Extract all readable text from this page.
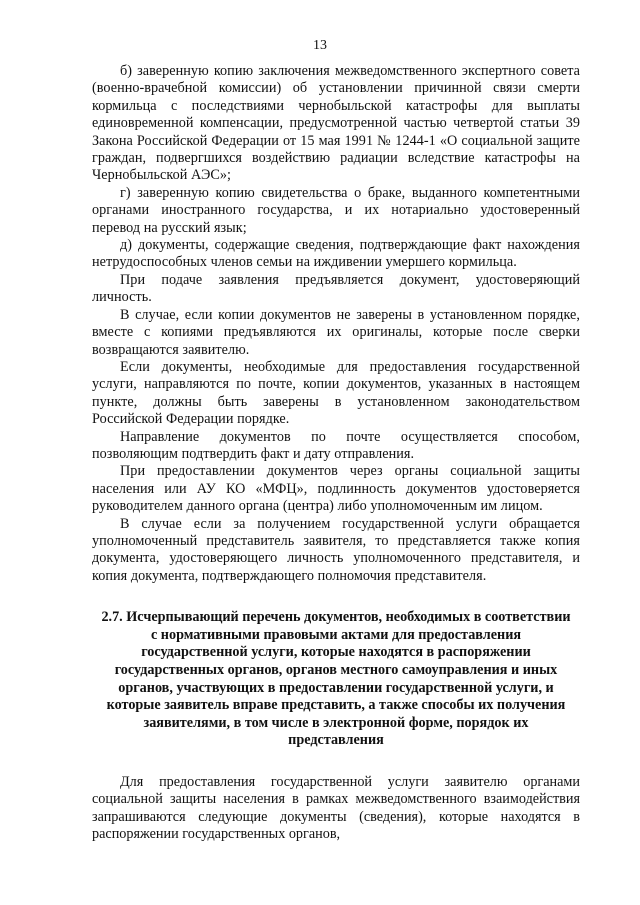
13

б) заверенную копию заключения межведомственного экспертного совета (военно-врачебной комиссии) об установлении причинной связи смерти кормильца с последствиями чернобыльской катастрофы для выплаты единовременной компенсации, предусмотренной частью четвертой статьи 39 Закона Российской Федерации от 15 мая 1991 № 1244-1 «О социальной защите граждан, подвергшихся воздействию радиации вследствие катастрофы на Чернобыльской АЭС»;

г) заверенную копию свидетельства о браке, выданного компетентными органами иностранного государства, и их нотариально удостоверенный перевод на русский язык;

д) документы, содержащие сведения, подтверждающие факт нахождения нетрудоспособных членов семьи на иждивении умершего кормильца.

При подаче заявления предъявляется документ, удостоверяющий личность.

В случае, если копии документов не заверены в установленном порядке, вместе с копиями предъявляются их оригиналы, которые после сверки возвращаются заявителю.

Если документы, необходимые для предоставления государственной услуги, направляются по почте, копии документов, указанных в настоящем пункте, должны быть заверены в установленном законодательством Российской Федерации порядке.

Направление документов по почте осуществляется способом, позволяющим подтвердить факт и дату отправления.

При предоставлении документов через органы социальной защиты населения или АУ КО «МФЦ», подлинность документов удостоверяется руководителем данного органа (центра) либо уполномоченным им лицом.

В случае если за получением государственной услуги обращается уполномоченный представитель заявителя, то представляется также копия документа, удостоверяющего личность уполномоченного представителя, и копия документа, подтверждающего полномочия представителя.

2.7. Исчерпывающий перечень документов, необходимых в соответствии с нормативными правовыми актами для предоставления государственной услуги, которые находятся в распоряжении государственных органов, органов местного самоуправления и иных органов, участвующих в предоставлении государственной услуги, и которые заявитель вправе представить, а также способы их получения заявителями, в том числе в электронной форме, порядок их представления

Для предоставления государственной услуги заявителю органами социальной защиты населения в рамках межведомственного взаимодействия запрашиваются следующие документы (сведения), которые находятся в распоряжении государственных органов,
